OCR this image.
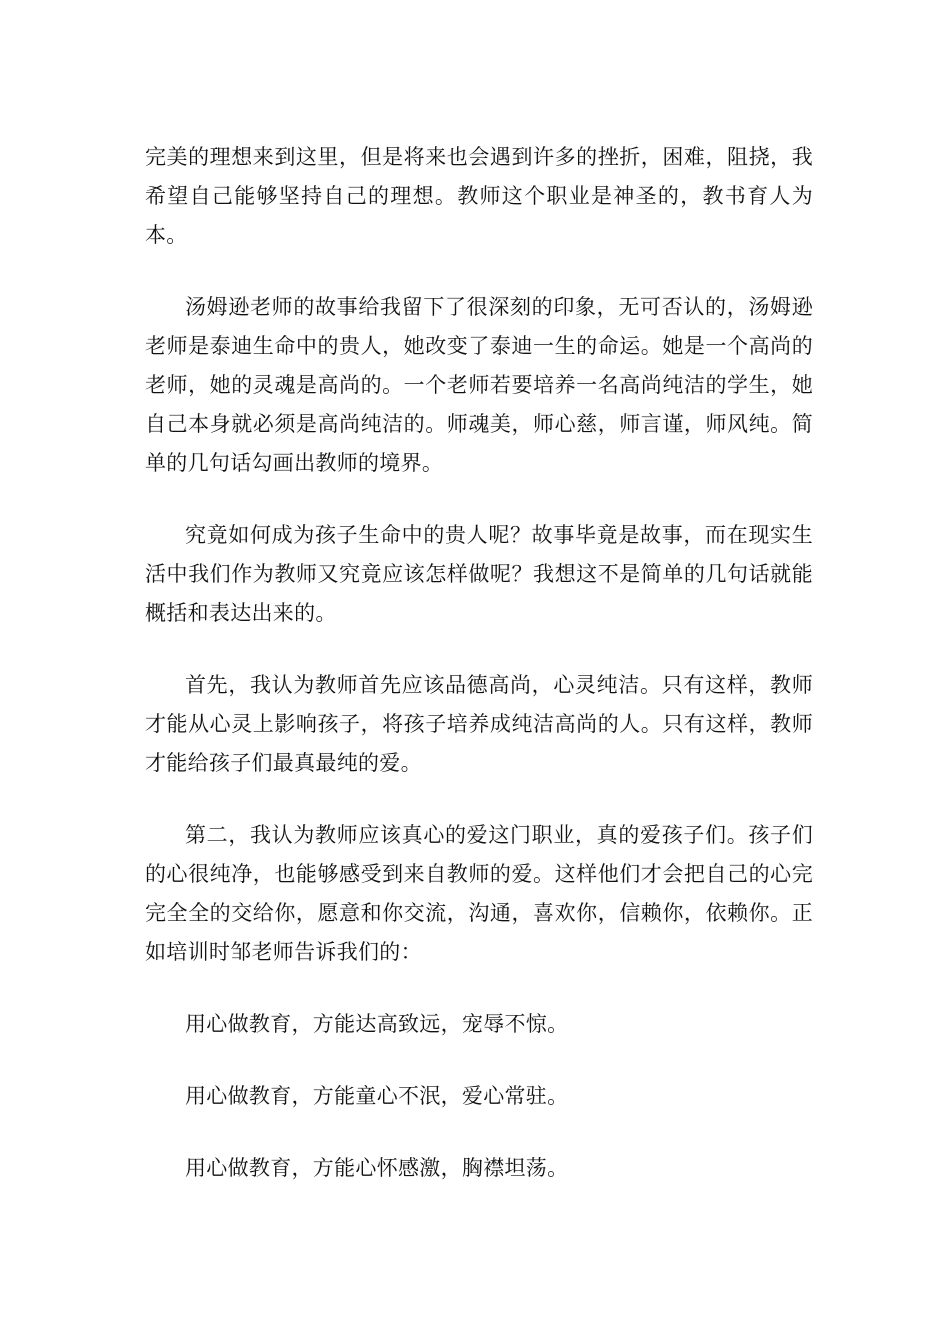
完美的理想来到这里，但是将来也会遇到许多的挫折，困难，阻挠，我希望自己能够坚持自己的理想。教师这个职业是神圣的，教书育人为本。

汤姆逊老师的故事给我留下了很深刻的印象，无可否认的，汤姆逊老师是泰迪生命中的贵人，她改变了泰迪一生的命运。她是一个高尚的老师，她的灵魂是高尚的。一个老师若要培养一名高尚纯洁的学生，她自己本身就必须是高尚纯洁的。师魂美，师心慈，师言谨，师风纯。简单的几句话勾画出教师的境界。

究竟如何成为孩子生命中的贵人呢？故事毕竟是故事，而在现实生活中我们作为教师又究竟应该怎样做呢？我想这不是简单的几句话就能概括和表达出来的。

首先，我认为教师首先应该品德高尚，心灵纯洁。只有这样，教师才能从心灵上影响孩子，将孩子培养成纯洁高尚的人。只有这样，教师才能给孩子们最真最纯的爱。

第二，我认为教师应该真心的爱这门职业，真的爱孩子们。孩子们的心很纯净，也能够感受到来自教师的爱。这样他们才会把自己的心完完全全的交给你，愿意和你交流，沟通，喜欢你，信赖你，依赖你。正如培训时邹老师告诉我们的：

用心做教育，方能达高致远，宠辱不惊。

用心做教育，方能童心不泯，爱心常驻。

用心做教育，方能心怀感激，胸襟坦荡。
